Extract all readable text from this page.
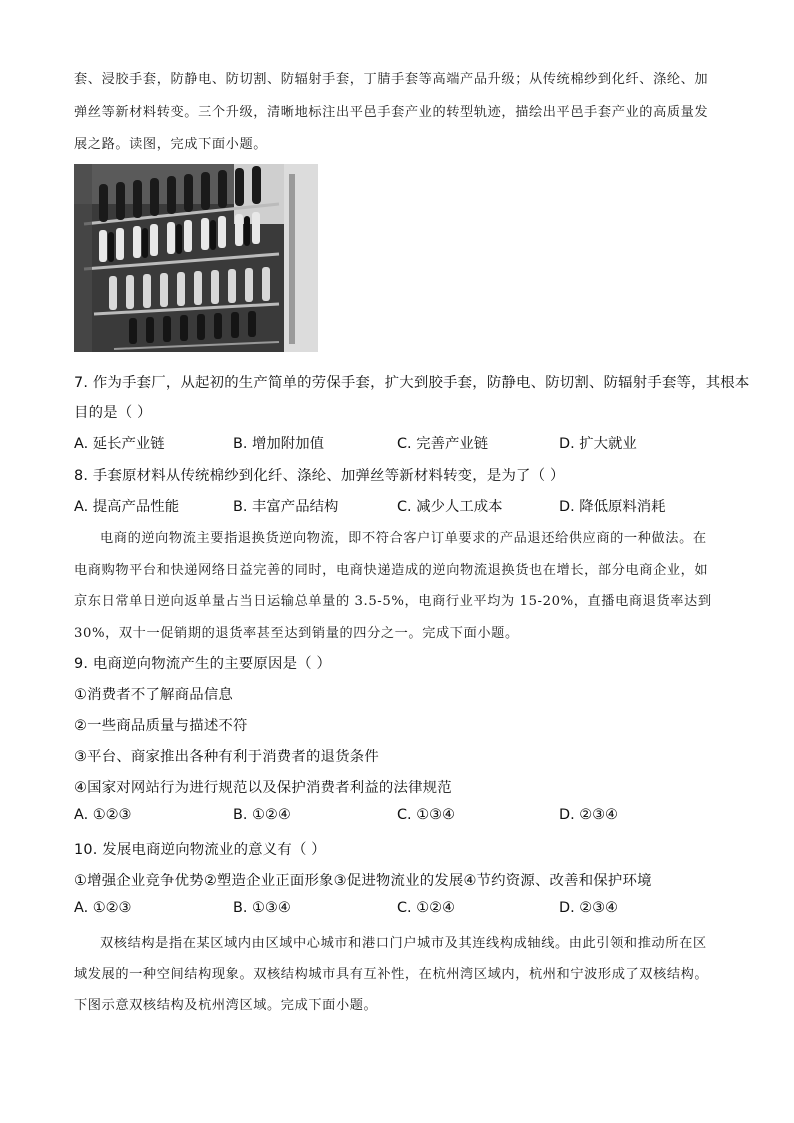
套、浸胶手套，防静电、防切割、防辐射手套，丁腈手套等高端产品升级；从传统棉纱到化纤、涤纶、加
弹丝等新材料转变。三个升级，清晰地标注出平邑手套产业的转型轨迹，描绘出平邑手套产业的高质量发
展之路。读图，完成下面小题。
7. 作为手套厂，从起初的生产简单的劳保手套，扩大到胶手套，防静电、防切割、防辐射手套等，其根本
目的是（ ）
A. 延长产业链	B. 增加附加值	C. 完善产业链	D. 扩大就业
8. 手套原材料从传统棉纱到化纤、涤纶、加弹丝等新材料转变，是为了（ ）
A. 提高产品性能	B. 丰富产品结构	C. 减少人工成本	D. 降低原料消耗
电商的逆向物流主要指退换货逆向物流，即不符合客户订单要求的产品退还给供应商的一种做法。在
电商购物平台和快递网络日益完善的同时，电商快递造成的逆向物流退换货也在增长，部分电商企业，如
京东日常单日逆向返单量占当日运输总单量的 3.5-5%，电商行业平均为 15-20%，直播电商退货率达到
30%，双十一促销期的退货率甚至达到销量的四分之一。完成下面小题。
9. 电商逆向物流产生的主要原因是（ ）
①消费者不了解商品信息
②一些商品质量与描述不符
③平台、商家推出各种有利于消费者的退货条件
④国家对网站行为进行规范以及保护消费者利益的法律规范
A. ①②③	B. ①②④	C. ①③④	D. ②③④
10. 发展电商逆向物流业的意义有（ ）
①增强企业竞争优势②塑造企业正面形象③促进物流业的发展④节约资源、改善和保护环境
A. ①②③	B. ①③④	C. ①②④	D. ②③④
双核结构是指在某区域内由区域中心城市和港口门户城市及其连线构成轴线。由此引领和推动所在区
域发展的一种空间结构现象。双核结构城市具有互补性，在杭州湾区域内，杭州和宁波形成了双核结构。
下图示意双核结构及杭州湾区域。完成下面小题。
